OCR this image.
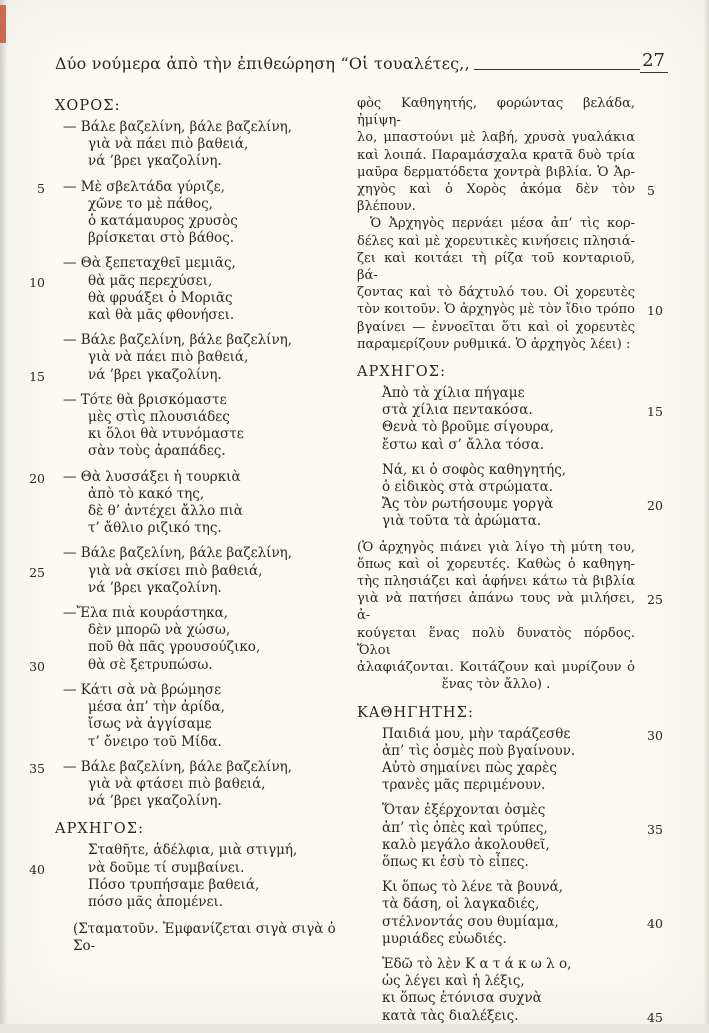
Δύο νούμερα ἀπὸ τὴν ἐπιθεώρηση “Οἱ τουαλέτες,,	27
ΧΟΡΟΣ:
— Βάλε βαζελίνη, βάλε βαζελίνη,
γιὰ νὰ πάει πιὸ βαθειά,
νά ’βρει γκαζολίνη.
— Μὲ σβελτάδα γύριζε,
5
χῶνε το μὲ πάθος,
ὁ κατάμαυρος χρυσὸς
βρίσκεται στὸ βάθος.
— Θὰ ξεπεταχθεῖ μεμιᾶς,
θὰ μᾶς περεχύσει,
10
θὰ φρυάξει ὁ Μοριᾶς
καὶ θὰ μᾶς φθονήσει.
— Βάλε βαζελίνη, βάλε βαζελίνη,
γιὰ νὰ πάει πιὸ βαθειά,
νά ’βρει γκαζολίνη.
15
— Τότε θὰ βρισκόμαστε
μὲς στὶς πλουσιάδες
κι ὅλοι θὰ ντυνόμαστε
σὰν τοὺς ἀραπάδες.
— Θὰ λυσσάξει ἡ τουρκιὰ
20
ἀπὸ τὸ κακό της,
δὲ θ’ ἀντέχει ἄλλο πιὰ
τ’ ἄθλιο ριζικό της.
— Βάλε βαζελίνη, βάλε βαζελίνη,
γιὰ νὰ σκίσει πιὸ βαθειά,
25
νά ’βρει γκαζολίνη.
—Ἔλα πιὰ κουράστηκα,
δὲν μπορῶ νὰ χώσω,
ποῦ θὰ πᾶς γρουσούζικο,
θὰ σὲ ξετρυπώσω.
30
— Κάτι σὰ νὰ βρώμησε
μέσα ἀπ’ τὴν ἀρίδα,
ἴσως νὰ ἀγγίσαμε
τ’ ὄνειρο τοῦ Μίδα.
— Βάλε βαζελίνη, βάλε βαζελίνη,
35
γιὰ νὰ φτάσει πιὸ βαθειά,
νά ’βρει γκαζολίνη.
ΑΡΧΗΓΟΣ:
Σταθῆτε, ἀδέλφια, μιὰ στιγμή,
νὰ δοῦμε τί συμβαίνει.
40
Πόσο τρυπήσαμε βαθειά,
πόσο μᾶς ἀπομένει.
(Σταματοῦν. Ἐμφανίζεται σιγὰ σιγὰ ὁ Σο-
φὸς Καθηγητής, φορώντας βελάδα, ἡμίψη-
λο, μπαστούνι μὲ λαβή, χρυσὰ γυαλάκια
καὶ λοιπά. Παραμάσχαλα κρατᾶ δυὸ τρία
μαῦρα δερματόδετα χοντρὰ βιβλία. Ὁ Ἀρ-
χηγὸς καὶ ὁ Χορὸς ἀκόμα δὲν τὸν βλέπουν.
5
Ὁ Ἀρχηγὸς περνάει μέσα ἀπ’ τὶς κορ-
δέλες καὶ μὲ χορευτικὲς κινήσεις πλησιά-
ζει καὶ κοιτάει τὴ ρίζα τοῦ κονταριοῦ, βά-
ζοντας καὶ τὸ δάχτυλό του. Οἱ χορευτὲς
τὸν κοιτοῦν. Ὁ ἀρχηγὸς μὲ τὸν ἴδιο τρόπο 10
βγαίνει — ἐννοεῖται ὅτι καὶ οἱ χορευτὲς
παραμερίζουν ρυθμικά. Ὁ ἀρχηγὸς λέει) :
ΑΡΧΗΓΟΣ:
Ἀπὸ τὰ χίλια πήγαμε
στὰ χίλια πεντακόσα.	15
Θενὰ τὸ βροῦμε σίγουρα,
ἔστω καὶ σ’ ἄλλα τόσα.
Νά, κι ὁ σοφὸς καθηγητής,
ὁ εἰδικὸς στὰ στρώματα.
Ἄς τὸν ρωτήσουμε γοργὰ	20
γιὰ τοῦτα τὰ ἀρώματα.
(Ὁ ἀρχηγὸς πιάνει γιὰ λίγο τὴ μύτη του,
ὅπως καὶ οἱ χορευτές. Καθὼς ὁ καθηγη-
τὴς πλησιάζει καὶ ἀφήνει κάτω τὰ βιβλία
γιὰ νὰ πατήσει ἀπάνω τους νὰ μιλήσει, ἀ-
25
κούγεται ἕνας πολὺ δυνατὸς πόρδος. Ὅλοι
ἀλαφιάζονται. Κοιτάζουν καὶ μυρίζουν ὁ
ἕνας τὸν ἄλλο) .
ΚΑΘΗΓΗΤΗΣ:
Παιδιά μου, μὴν ταράζεσθε	30
ἀπ’ τὶς ὀσμὲς ποὺ βγαίνουν.
Αὐτὸ σημαίνει πὼς χαρὲς
τρανὲς μᾶς περιμένουν.
Ὅταν ἐξέρχονται ὀσμὲς
ἀπ’ τὶς ὀπὲς καὶ τρύπες,	35
καλὸ μεγάλο ἀκολουθεῖ,
ὅπως κι ἐσὺ τὸ εἶπες.
Κι ὅπως τὸ λένε τὰ βουνά,
τὰ δάση, οἱ λαγκαδιές,
στέλνοντάς σου θυμίαμα,	40
μυριάδες εὐωδιές.
Ἐδῶ τὸ λὲν Κ α τ ά κ ω λ ο,
ὡς λέγει καὶ ἡ λέξις,
κι ὅπως ἐτόνισα συχνὰ
κατὰ τὰς διαλέξεις.	45
